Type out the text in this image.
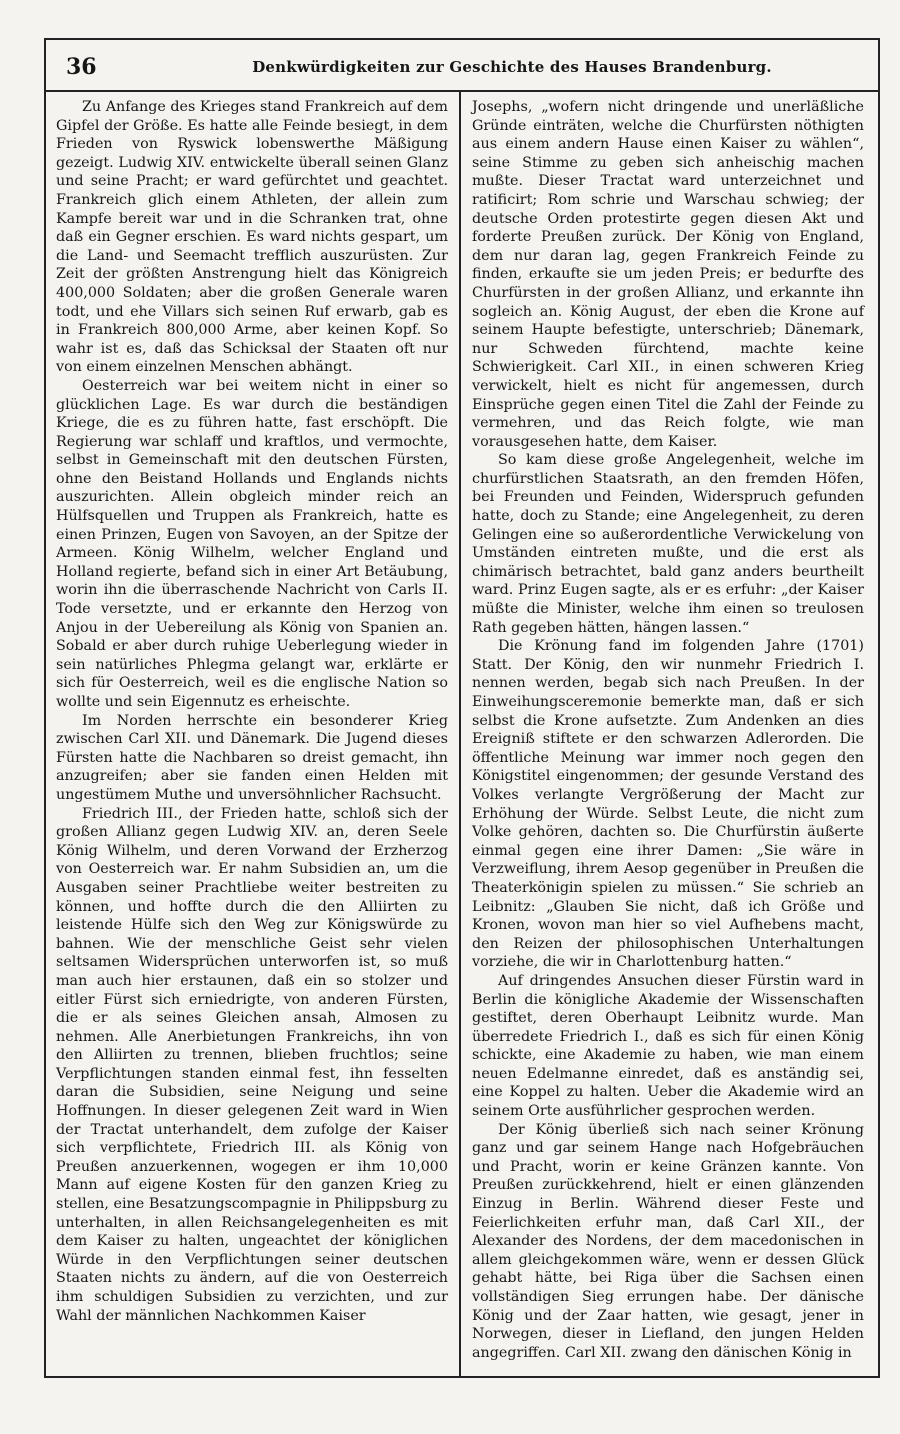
36	Denkwürdigkeiten zur Geschichte des Hauses Brandenburg.

Zu Anfange des Krieges stand Frankreich auf dem Gipfel der Größe. Es hatte alle Feinde besiegt, in dem Frieden von Ryswick lobenswerthe Mäßigung gezeigt. Ludwig XIV. entwickelte überall seinen Glanz und seine Pracht; er ward gefürchtet und geachtet. Frankreich glich einem Athleten, der allein zum Kampfe bereit war und in die Schranken trat, ohne daß ein Gegner erschien. Es ward nichts gespart, um die Land- und Seemacht trefflich auszurüsten. Zur Zeit der größten Anstrengung hielt das Königreich 400,000 Soldaten; aber die großen Generale waren todt, und ehe Villars sich seinen Ruf erwarb, gab es in Frankreich 800,000 Arme, aber keinen Kopf. So wahr ist es, daß das Schicksal der Staaten oft nur von einem einzelnen Menschen abhängt.

Oesterreich war bei weitem nicht in einer so glücklichen Lage. Es war durch die beständigen Kriege, die es zu führen hatte, fast erschöpft. Die Regierung war schlaff und kraftlos, und vermochte, selbst in Gemeinschaft mit den deutschen Fürsten, ohne den Beistand Hollands und Englands nichts auszurichten. Allein obgleich minder reich an Hülfsquellen und Truppen als Frankreich, hatte es einen Prinzen, Eugen von Savoyen, an der Spitze der Armeen. König Wilhelm, welcher England und Holland regierte, befand sich in einer Art Betäubung, worin ihn die überraschende Nachricht von Carls II. Tode versetzte, und er erkannte den Herzog von Anjou in der Uebereilung als König von Spanien an. Sobald er aber durch ruhige Ueberlegung wieder in sein natürliches Phlegma gelangt war, erklärte er sich für Oesterreich, weil es die englische Nation so wollte und sein Eigennutz es erheischte.

Im Norden herrschte ein besonderer Krieg zwischen Carl XII. und Dänemark. Die Jugend dieses Fürsten hatte die Nachbaren so dreist gemacht, ihn anzugreifen; aber sie fanden einen Helden mit ungestümem Muthe und unversöhnlicher Rachsucht.

Friedrich III., der Frieden hatte, schloß sich der großen Allianz gegen Ludwig XIV. an, deren Seele König Wilhelm, und deren Vorwand der Erzherzog von Oesterreich war. Er nahm Subsidien an, um die Ausgaben seiner Prachtliebe weiter bestreiten zu können, und hoffte durch die den Alliirten zu leistende Hülfe sich den Weg zur Königswürde zu bahnen. Wie der menschliche Geist sehr vielen seltsamen Widersprüchen unterworfen ist, so muß man auch hier erstaunen, daß ein so stolzer und eitler Fürst sich erniedrigte, von anderen Fürsten, die er als seines Gleichen ansah, Almosen zu nehmen. Alle Anerbietungen Frankreichs, ihn von den Alliirten zu trennen, blieben fruchtlos; seine Verpflichtungen standen einmal fest, ihn fesselten daran die Subsidien, seine Neigung und seine Hoffnungen. In dieser gelegenen Zeit ward in Wien der Tractat unterhandelt, dem zufolge der Kaiser sich verpflichtete, Friedrich III. als König von Preußen anzuerkennen, wogegen er ihm 10,000 Mann auf eigene Kosten für den ganzen Krieg zu stellen, eine Besatzungscompagnie in Philippsburg zu unterhalten, in allen Reichsangelegenheiten es mit dem Kaiser zu halten, ungeachtet der königlichen Würde in den Verpflichtungen seiner deutschen Staaten nichts zu ändern, auf die von Oesterreich ihm schuldigen Subsidien zu verzichten, und zur Wahl der männlichen Nachkommen Kaiser

Josephs, „wofern nicht dringende und unerläßliche Gründe einträten, welche die Churfürsten nöthigten aus einem andern Hause einen Kaiser zu wählen“, seine Stimme zu geben sich anheischig machen mußte. Dieser Tractat ward unterzeichnet und ratificirt; Rom schrie und Warschau schwieg; der deutsche Orden protestirte gegen diesen Akt und forderte Preußen zurück. Der König von England, dem nur daran lag, gegen Frankreich Feinde zu finden, erkaufte sie um jeden Preis; er bedurfte des Churfürsten in der großen Allianz, und erkannte ihn sogleich an. König August, der eben die Krone auf seinem Haupte befestigte, unterschrieb; Dänemark, nur Schweden fürchtend, machte keine Schwierigkeit. Carl XII., in einen schweren Krieg verwickelt, hielt es nicht für angemessen, durch Einsprüche gegen einen Titel die Zahl der Feinde zu vermehren, und das Reich folgte, wie man vorausgesehen hatte, dem Kaiser.

So kam diese große Angelegenheit, welche im churfürstlichen Staatsrath, an den fremden Höfen, bei Freunden und Feinden, Widerspruch gefunden hatte, doch zu Stande; eine Angelegenheit, zu deren Gelingen eine so außerordentliche Verwickelung von Umständen eintreten mußte, und die erst als chimärisch betrachtet, bald ganz anders beurtheilt ward. Prinz Eugen sagte, als er es erfuhr: „der Kaiser müßte die Minister, welche ihm einen so treulosen Rath gegeben hätten, hängen lassen.“

Die Krönung fand im folgenden Jahre (1701) Statt. Der König, den wir nunmehr Friedrich I. nennen werden, begab sich nach Preußen. In der Einweihungsceremonie bemerkte man, daß er sich selbst die Krone aufsetzte. Zum Andenken an dies Ereigniß stiftete er den schwarzen Adlerorden. Die öffentliche Meinung war immer noch gegen den Königstitel eingenommen; der gesunde Verstand des Volkes verlangte Vergrößerung der Macht zur Erhöhung der Würde. Selbst Leute, die nicht zum Volke gehören, dachten so. Die Churfürstin äußerte einmal gegen eine ihrer Damen: „Sie wäre in Verzweiflung, ihrem Aesop gegenüber in Preußen die Theaterkönigin spielen zu müssen.“ Sie schrieb an Leibnitz: „Glauben Sie nicht, daß ich Größe und Kronen, wovon man hier so viel Aufhebens macht, den Reizen der philosophischen Unterhaltungen vorziehe, die wir in Charlottenburg hatten.“

Auf dringendes Ansuchen dieser Fürstin ward in Berlin die königliche Akademie der Wissenschaften gestiftet, deren Oberhaupt Leibnitz wurde. Man überredete Friedrich I., daß es sich für einen König schickte, eine Akademie zu haben, wie man einem neuen Edelmanne einredet, daß es anständig sei, eine Koppel zu halten. Ueber die Akademie wird an seinem Orte ausführlicher gesprochen werden.

Der König überließ sich nach seiner Krönung ganz und gar seinem Hange nach Hofgebräuchen und Pracht, worin er keine Gränzen kannte. Von Preußen zurückkehrend, hielt er einen glänzenden Einzug in Berlin. Während dieser Feste und Feierlichkeiten erfuhr man, daß Carl XII., der Alexander des Nordens, der dem macedonischen in allem gleichgekommen wäre, wenn er dessen Glück gehabt hätte, bei Riga über die Sachsen einen vollständigen Sieg errungen habe. Der dänische König und der Zaar hatten, wie gesagt, jener in Norwegen, dieser in Liefland, den jungen Helden angegriffen. Carl XII. zwang den dänischen König in
